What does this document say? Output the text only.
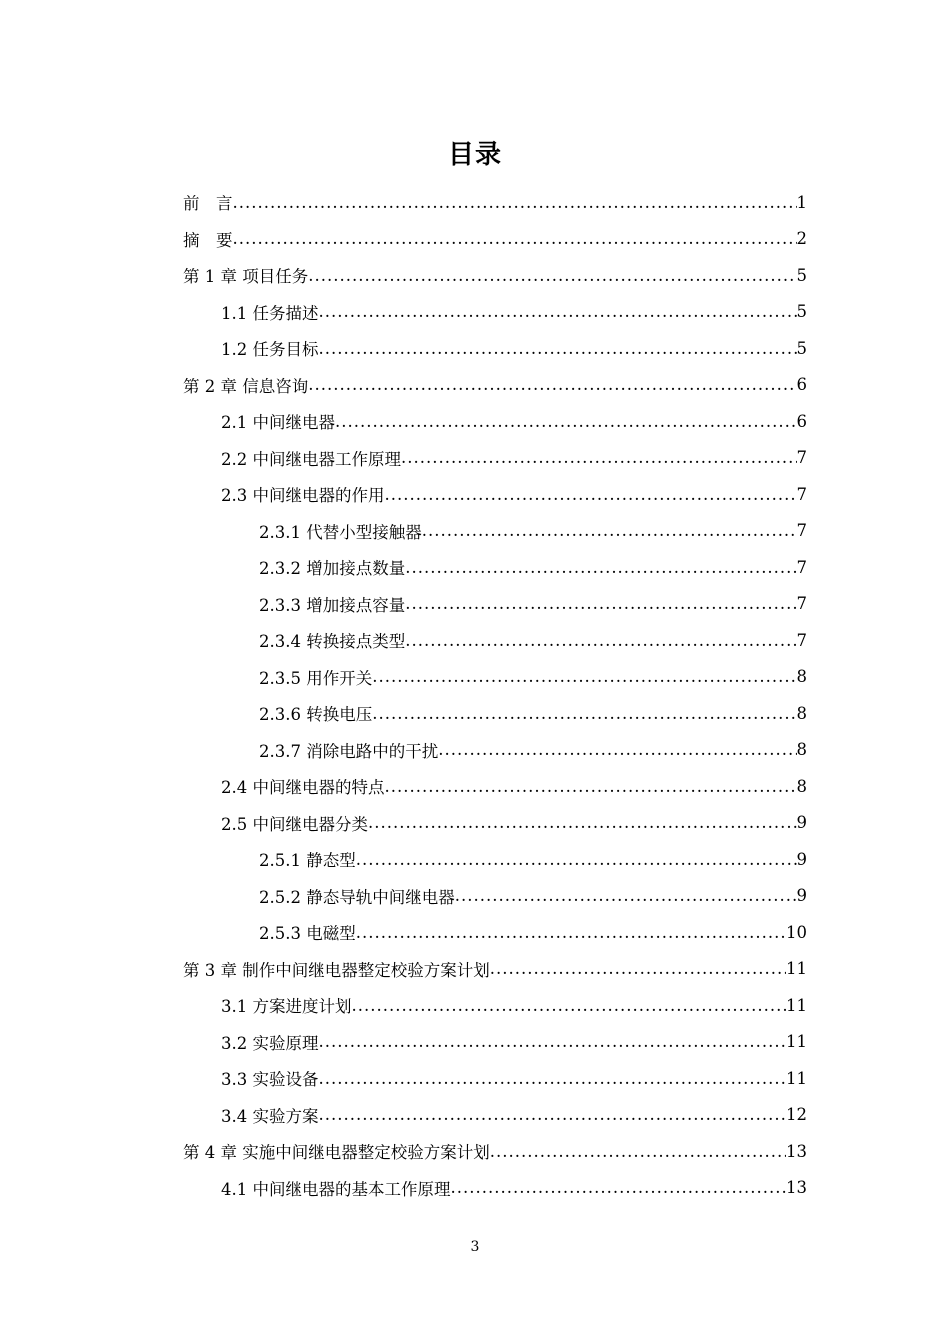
目录
前　言 .....	1
摘　要 .....	2
第 1 章 项目任务 .....	5
1.1 任务描述 .....	5
1.2 任务目标 .....	5
第 2 章 信息咨询 .....	6
2.1 中间继电器 .....	6
2.2 中间继电器工作原理 .....	7
2.3 中间继电器的作用 .....	7
2.3.1 代替小型接触器 .....	7
2.3.2 增加接点数量 .....	7
2.3.3 增加接点容量 .....	7
2.3.4 转换接点类型 .....	7
2.3.5 用作开关 .....	8
2.3.6 转换电压 .....	8
2.3.7 消除电路中的干扰 .....	8
2.4 中间继电器的特点 .....	8
2.5 中间继电器分类 .....	9
2.5.1 静态型 .....	9
2.5.2 静态导轨中间继电器 .....	9
2.5.3 电磁型 .....	10
第 3 章 制作中间继电器整定校验方案计划 .....	11
3.1 方案进度计划 .....	11
3.2 实验原理 .....	11
3.3 实验设备 .....	11
3.4 实验方案 .....	12
第 4 章 实施中间继电器整定校验方案计划 .....	13
4.1 中间继电器的基本工作原理 .....	13
3
